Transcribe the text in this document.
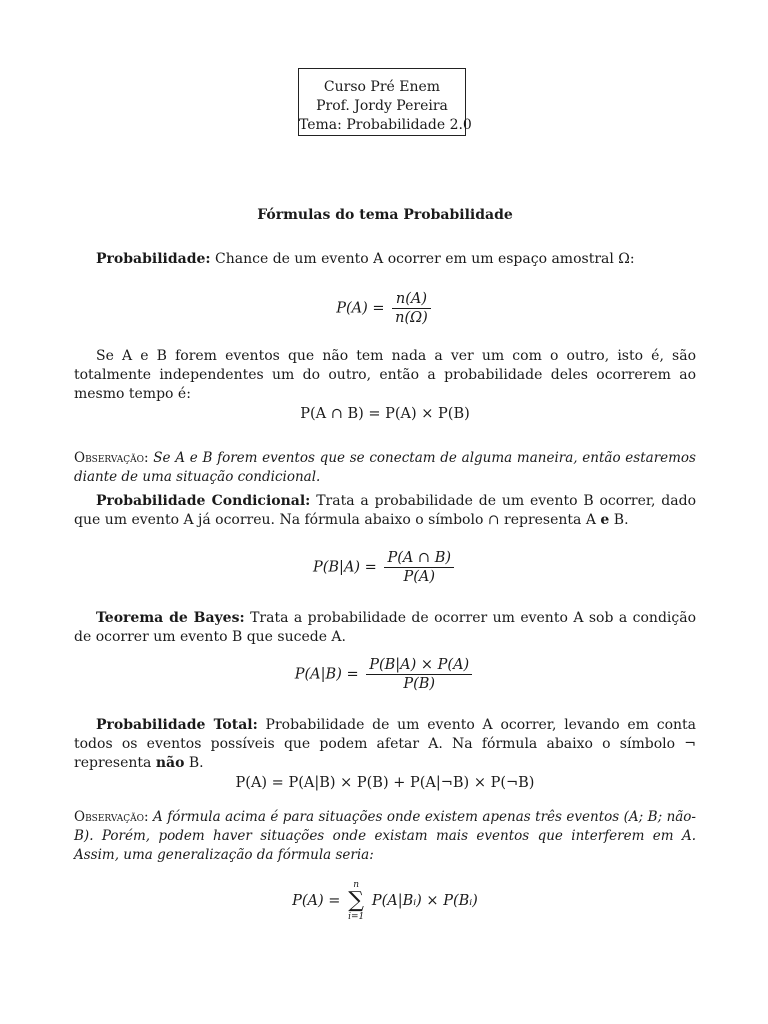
Curso Pré Enem
Prof. Jordy Pereira
Tema: Probabilidade 2.0
Fórmulas do tema Probabilidade
Probabilidade: Chance de um evento A ocorrer em um espaço amostral Ω:
$P(A) = \frac{n(A)}{n(\Omega)}$
Se A e B forem eventos que não tem nada a ver um com o outro, isto é, são totalmente independentes um do outro, então a probabilidade deles ocorrerem ao mesmo tempo é:
P(A ∩ B) = P(A) × P(B)
Observação: Se A e B forem eventos que se conectam de alguma maneira, então estaremos diante de uma situação condicional.
Probabilidade Condicional: Trata a probabilidade de um evento B ocorrer, dado que um evento A já ocorreu. Na fórmula abaixo o símbolo ∩ representa A e B.
$P(B|A) = \frac{P(A \cap B)}{P(A)}$
Teorema de Bayes: Trata a probabilidade de ocorrer um evento A sob a condição de ocorrer um evento B que sucede A.
$P(A|B) = \frac{P(B|A) \times P(A)}{P(B)}$
Probabilidade Total: Probabilidade de um evento A ocorrer, levando em conta todos os eventos possíveis que podem afetar A. Na fórmula abaixo o símbolo ¬ representa não B.
P(A) = P(A|B) × P(B) + P(A|¬B) × P(¬B)
Observação: A fórmula acima é para situações onde existem apenas três eventos (A; B; não-B). Porém, podem haver situações onde existam mais eventos que interferem em A. Assim, uma generalização da fórmula seria:
P(A) =
n
∑
i=1
P(A|Bᵢ) × P(Bᵢ)
